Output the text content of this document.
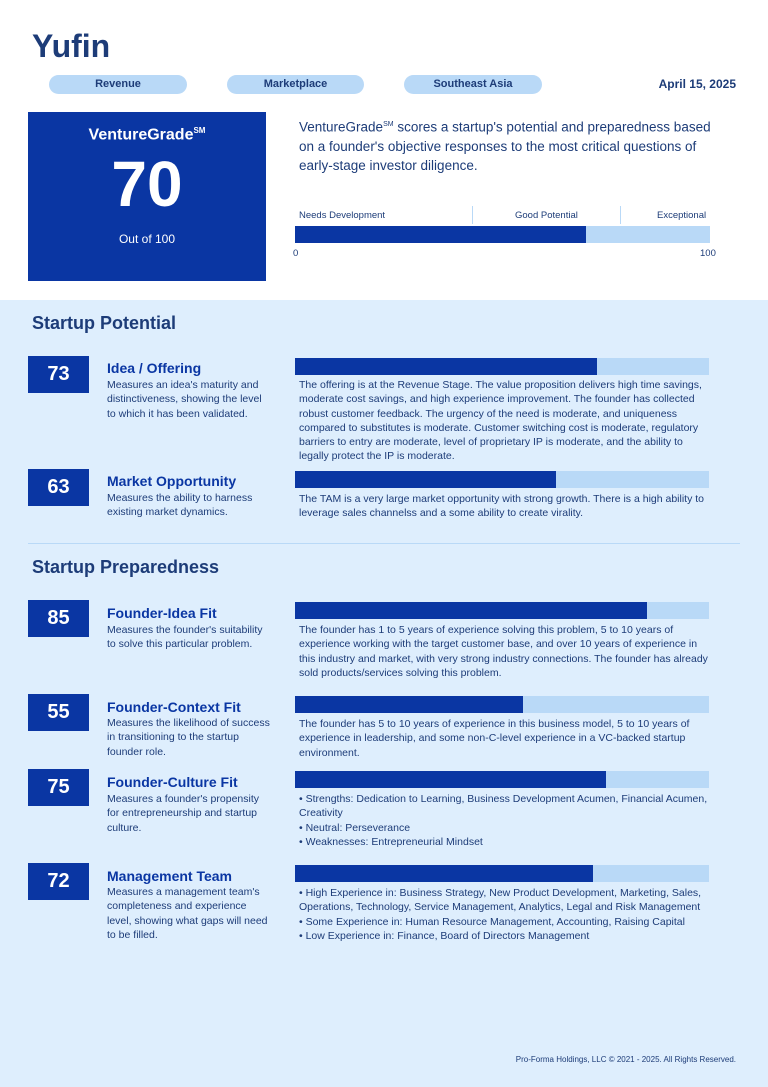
Yufin
Revenue	Marketplace	Southeast Asia	April 15, 2025
VentureGrade℠
70
Out of 100
VentureGrade℠ scores a startup's potential and preparedness based on a founder's objective responses to the most critical questions of early-stage investor diligence.
Needs Development	Good Potential	Exceptional
0	100
Startup Potential
73	Idea / Offering
Measures an idea's maturity and distinctiveness, showing the level to which it has been validated.
The offering is at the Revenue Stage. The value proposition delivers high time savings, moderate cost savings, and high experience improvement. The founder has collected robust customer feedback. The urgency of the need is moderate, and uniqueness compared to substitutes is moderate. Customer switching cost is moderate, regulatory barriers to entry are moderate, level of proprietary IP is moderate, and the ability to legally protect the IP is moderate.
63	Market Opportunity
Measures the ability to harness existing market dynamics.
The TAM is a very large market opportunity with strong growth. There is a high ability to leverage sales channelss and a some ability to create virality.
Startup Preparedness
85	Founder-Idea Fit
Measures the founder's suitability to solve this particular problem.
The founder has 1 to 5 years of experience solving this problem, 5 to 10 years of experience working with the target customer base, and over 10 years of experience in this industry and market, with very strong industry connections. The founder has already sold products/services solving this problem.
55	Founder-Context Fit
Measures the likelihood of success in transitioning to the startup founder role.
The founder has 5 to 10 years of experience in this business model, 5 to 10 years of experience in leadership, and some non-C-level experience in a VC-backed startup environment.
75	Founder-Culture Fit
Measures a founder's propensity for entrepreneurship and startup culture.
• Strengths: Dedication to Learning, Business Development Acumen, Financial Acumen, Creativity
• Neutral: Perseverance
• Weaknesses: Entrepreneurial Mindset
72	Management Team
Measures a management team's completeness and experience level, showing what gaps will need to be filled.
• High Experience in: Business Strategy, New Product Development, Marketing, Sales, Operations, Technology, Service Management, Analytics, Legal and Risk Management
• Some Experience in: Human Resource Management, Accounting, Raising Capital
• Low Experience in: Finance, Board of Directors Management
Pro-Forma Holdings, LLC © 2021 - 2025. All Rights Reserved.
